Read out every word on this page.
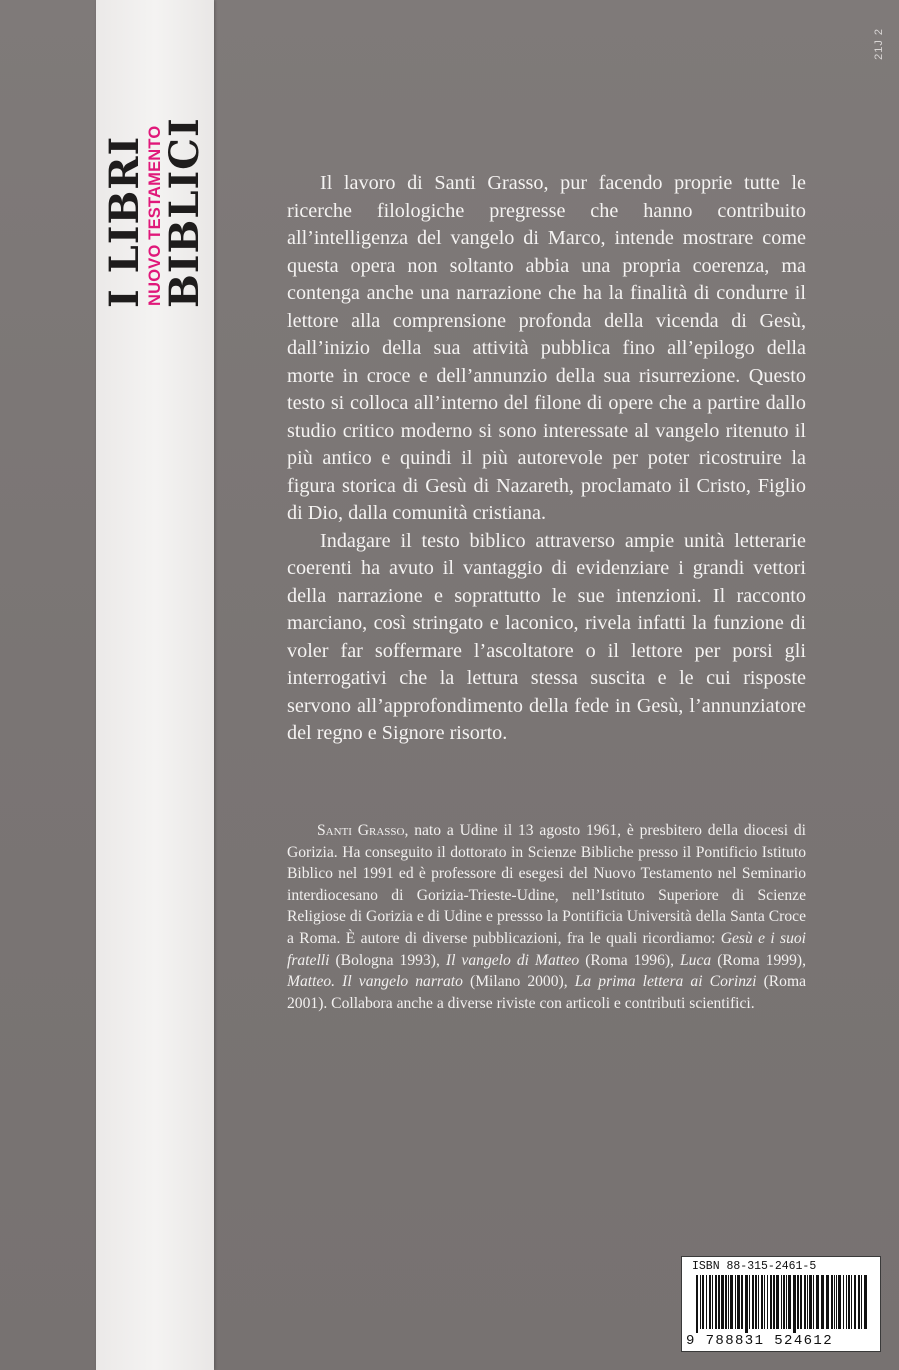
I LIBRI
NUOVO TESTAMENTO
BIBLICI
21J 2

Il lavoro di Santi Grasso, pur facendo proprie tutte le ricerche filologiche pregresse che hanno contribuito all’intelligenza del vangelo di Marco, intende mostrare come questa opera non soltanto abbia una propria coerenza, ma contenga anche una narrazione che ha la finalità di condurre il lettore alla comprensione profonda della vicenda di Gesù, dall’inizio della sua attività pubblica fino all’epilogo della morte in croce e dell’annunzio della sua risurrezione. Questo testo si colloca all’interno del filone di opere che a partire dallo studio critico moderno si sono interessate al vangelo ritenuto il più antico e quindi il più autorevole per poter ricostruire la figura storica di Gesù di Nazareth, proclamato il Cristo, Figlio di Dio, dalla comunità cristiana.

Indagare il testo biblico attraverso ampie unità letterarie coerenti ha avuto il vantaggio di evidenziare i grandi vettori della narrazione e soprattutto le sue intenzioni. Il racconto marciano, così stringato e laconico, rivela infatti la funzione di voler far soffermare l’ascoltatore o il lettore per porsi gli interrogativi che la lettura stessa suscita e le cui risposte servono all’approfondimento della fede in Gesù, l’annunziatore del regno e Signore risorto.

Santi Grasso, nato a Udine il 13 agosto 1961, è presbitero della diocesi di Gorizia. Ha conseguito il dottorato in Scienze Bibliche presso il Pontificio Istituto Biblico nel 1991 ed è professore di esegesi del Nuovo Testamento nel Seminario interdiocesano di Gorizia-Trieste-Udine, nell’Istituto Superiore di Scienze Religiose di Gorizia e di Udine e pressso la Pontificia Università della Santa Croce a Roma. È autore di diverse pubblicazioni, fra le quali ricordiamo: Gesù e i suoi fratelli (Bologna 1993), Il vangelo di Matteo (Roma 1996), Luca (Roma 1999), Matteo. Il vangelo narrato (Milano 2000), La prima lettera ai Corinzi (Roma 2001). Collabora anche a diverse riviste con articoli e contributi scientifici.

ISBN 88-315-2461-5
9 788831 524612
